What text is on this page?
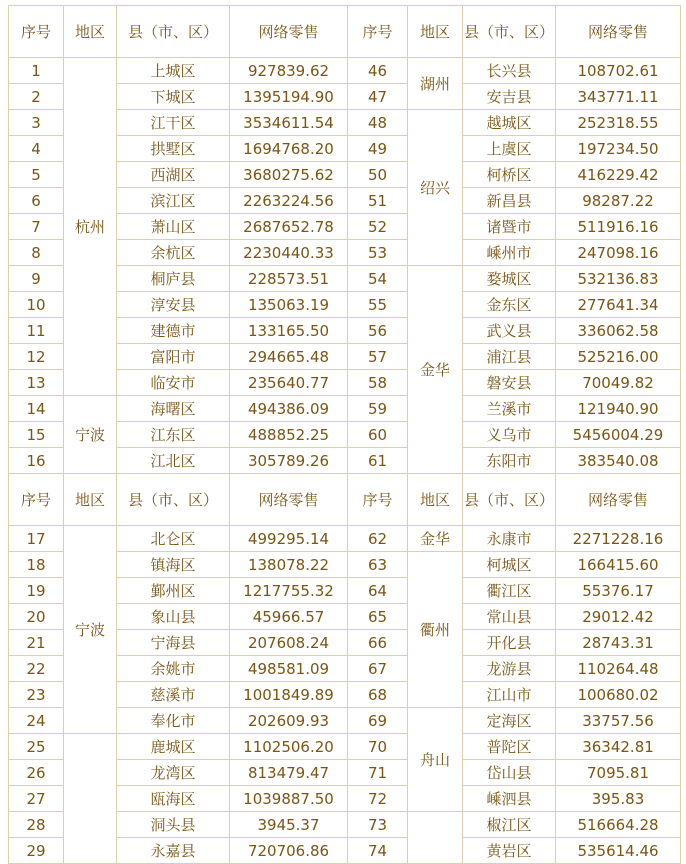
序号	地区	县（市、区）	网络零售	序号	地区	县（市、区）	网络零售
1	杭州	上城区	927839.62	46	湖州	长兴县	108702.61
2		下城区	1395194.90	47		安吉县	343771.11
3		江干区	3534611.54	48	绍兴	越城区	252318.55
4		拱墅区	1694768.20	49		上虞区	197234.50
5		西湖区	3680275.62	50		柯桥区	416229.42
6		滨江区	2263224.56	51		新昌县	98287.22
7		萧山区	2687652.78	52		诸暨市	511916.16
8		余杭区	2230440.33	53		嵊州市	247098.16
9		桐庐县	228573.51	54	金华	婺城区	532136.83
10		淳安县	135063.19	55		金东区	277641.34
11		建德市	133165.50	56		武义县	336062.58
12		富阳市	294665.48	57		浦江县	525216.00
13		临安市	235640.77	58		磐安县	70049.82
14	宁波	海曙区	494386.09	59		兰溪市	121940.90
15		江东区	488852.25	60		义乌市	5456004.29
16		江北区	305789.26	61		东阳市	383540.08
序号	地区	县（市、区）	网络零售	序号	地区	县（市、区）	网络零售
17	宁波	北仑区	499295.14	62	金华	永康市	2271228.16
18		镇海区	138078.22	63	衢州	柯城区	166415.60
19		鄞州区	1217755.32	64		衢江区	55376.17
20		象山县	45966.57	65		常山县	29012.42
21		宁海县	207608.24	66		开化县	28743.31
22		余姚市	498581.09	67		龙游县	110264.48
23		慈溪市	1001849.89	68		江山市	100680.02
24		奉化市	202609.93	69	舟山	定海区	33757.56
25		鹿城区	1102506.20	70		普陀区	36342.81
26		龙湾区	813479.47	71		岱山县	7095.81
27		瓯海区	1039887.50	72		嵊泗县	395.83
28		洞头县	3945.37	73		椒江区	516664.28
29		永嘉县	720706.86	74		黄岩区	535614.46
